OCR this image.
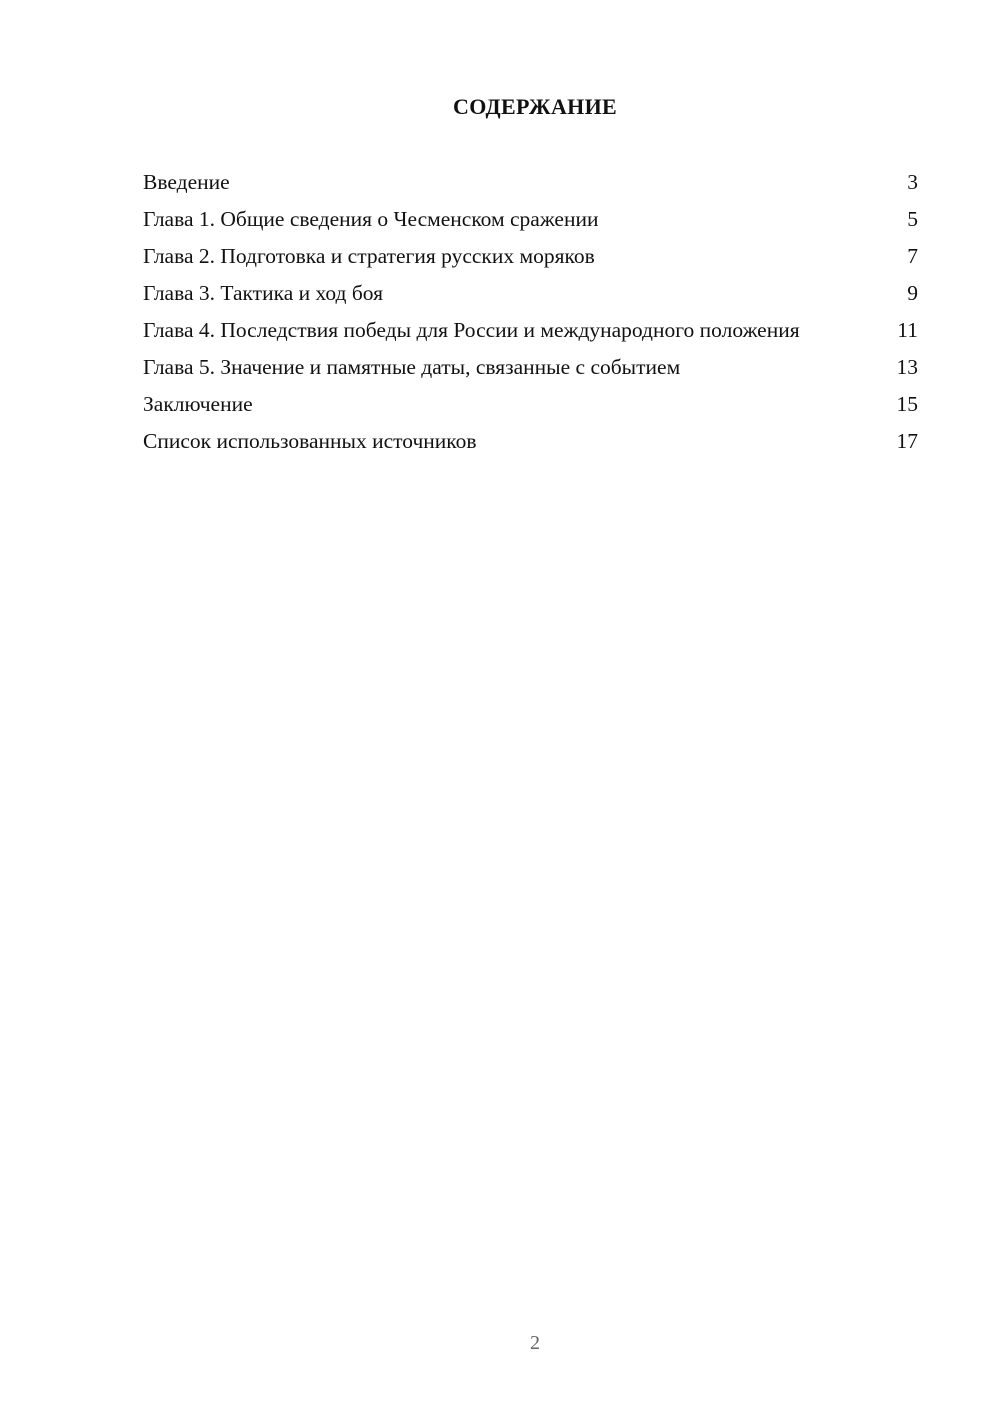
СОДЕРЖАНИЕ
Введение	3
Глава 1. Общие сведения о Чесменском сражении	5
Глава 2. Подготовка и стратегия русских моряков	7
Глава 3. Тактика и ход боя	9
Глава 4. Последствия победы для России и международного положения	11
Глава 5. Значение и памятные даты, связанные с событием	13
Заключение	15
Список использованных источников	17
2
